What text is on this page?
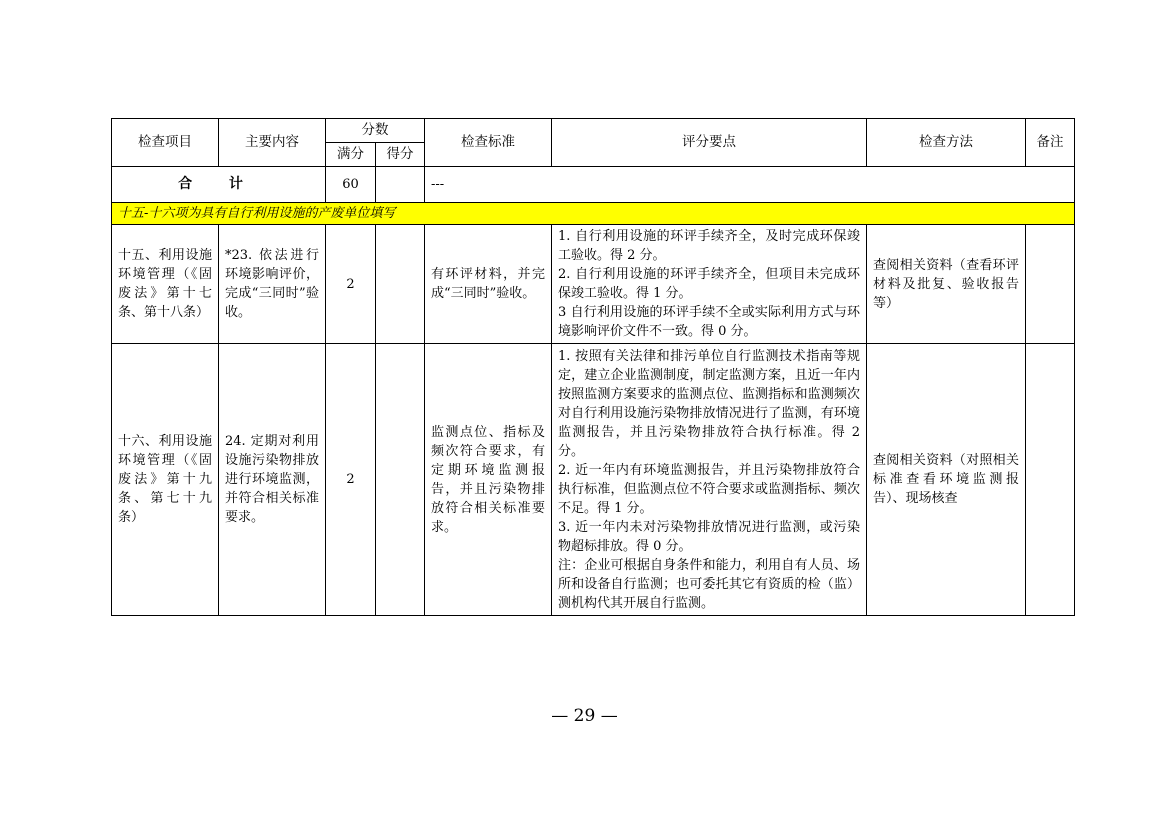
检查项目	主要内容	分数		检查标准	评分要点	检查方法	备注
		满分	得分				
合 计		60		---			
十五-十六项为具有自行利用设施的产废单位填写							
十五、利用设施环境管理（《固废法》第十七条、第十八条）	*23. 依法进行环境影响评价，完成“三同时”验收。	2		有环评材料，并完成“三同时”验收。	1. 自行利用设施的环评手续齐全，及时完成环保竣工验收。得 2 分。
2. 自行利用设施的环评手续齐全，但项目未完成环保竣工验收。得 1 分。
3 自行利用设施的环评手续不全或实际利用方式与环境影响评价文件不一致。得 0 分。	查阅相关资料（查看环评材料及批复、验收报告等）	
十六、利用设施环境管理（《固废法》第十九条、第七十九条）	24. 定期对利用设施污染物排放进行环境监测，并符合相关标准要求。	2		监测点位、指标及频次符合要求，有定期环境监测报告，并且污染物排放符合相关标准要求。	1. 按照有关法律和排污单位自行监测技术指南等规定，建立企业监测制度，制定监测方案，且近一年内按照监测方案要求的监测点位、监测指标和监测频次对自行利用设施污染物排放情况进行了监测，有环境监测报告，并且污染物排放符合执行标准。得 2 分。
2. 近一年内有环境监测报告，并且污染物排放符合执行标准，但监测点位不符合要求或监测指标、频次不足。得 1 分。
3. 近一年内未对污染物排放情况进行监测，或污染物超标排放。得 0 分。
注：企业可根据自身条件和能力，利用自有人员、场所和设备自行监测；也可委托其它有资质的检（监）测机构代其开展自行监测。	查阅相关资料（对照相关标准查看环境监测报告）、现场核查	
— 29 —
